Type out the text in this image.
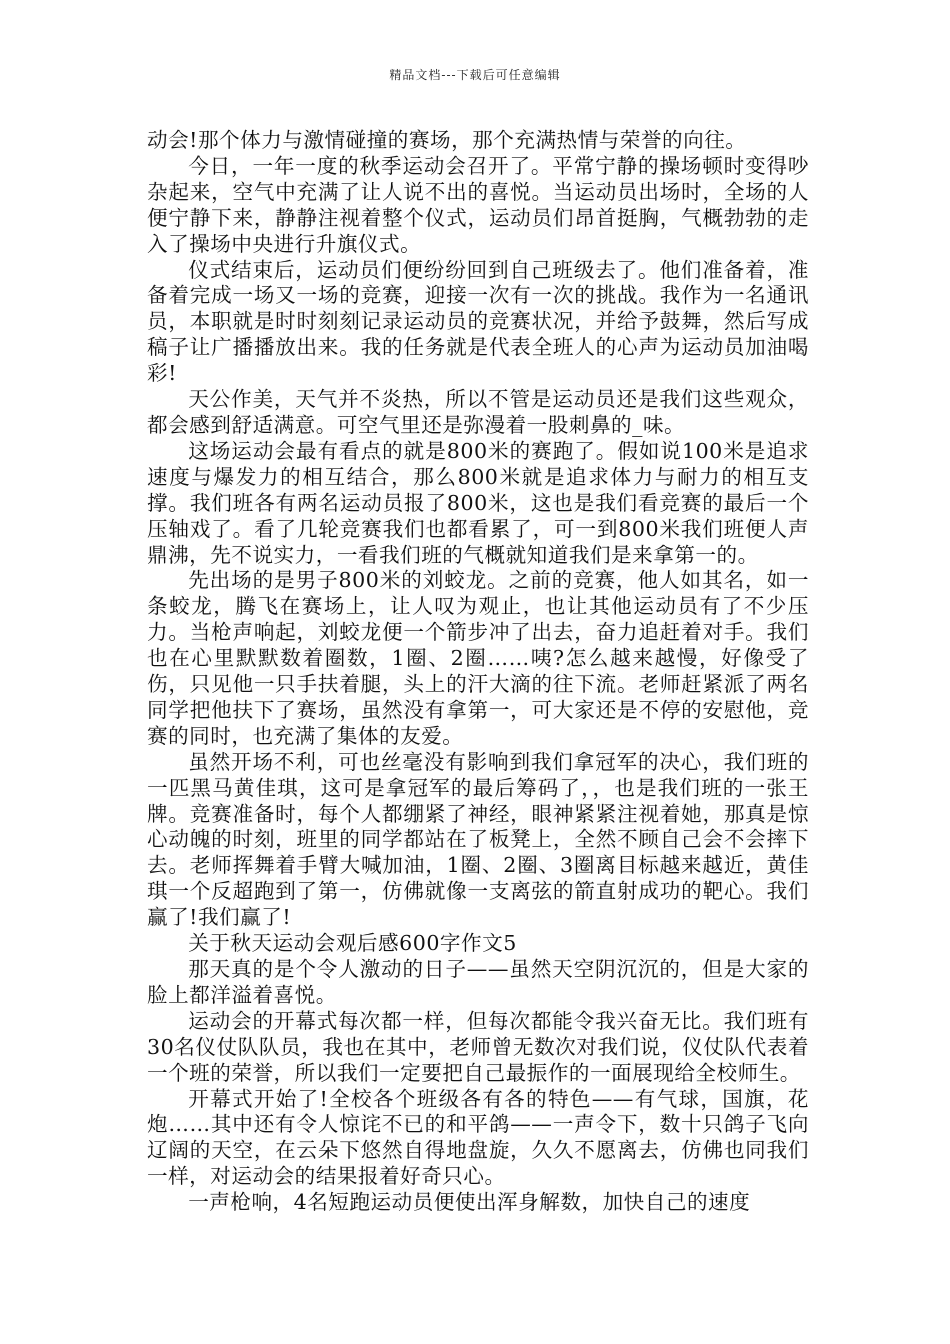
精品文档---下载后可任意编辑

动会!那个体力与激情碰撞的赛场，那个充满热情与荣誉的向往。

今日，一年一度的秋季运动会召开了。平常宁静的操场顿时变得吵杂起来，空气中充满了让人说不出的喜悦。当运动员出场时，全场的人便宁静下来，静静注视着整个仪式，运动员们昂首挺胸，气概勃勃的走入了操场中央进行升旗仪式。

仪式结束后，运动员们便纷纷回到自己班级去了。他们准备着，准备着完成一场又一场的竞赛，迎接一次有一次的挑战。我作为一名通讯员，本职就是时时刻刻记录运动员的竞赛状况，并给予鼓舞，然后写成稿子让广播播放出来。我的任务就是代表全班人的心声为运动员加油喝彩!

天公作美，天气并不炎热，所以不管是运动员还是我们这些观众，都会感到舒适满意。可空气里还是弥漫着一股刺鼻的_味。

这场运动会最有看点的就是800米的赛跑了。假如说100米是追求速度与爆发力的相互结合，那么800米就是追求体力与耐力的相互支撑。我们班各有两名运动员报了800米，这也是我们看竞赛的最后一个压轴戏了。看了几轮竞赛我们也都看累了，可一到800米我们班便人声鼎沸，先不说实力，一看我们班的气概就知道我们是来拿第一的。

先出场的是男子800米的刘蛟龙。之前的竞赛，他人如其名，如一条蛟龙，腾飞在赛场上，让人叹为观止，也让其他运动员有了不少压力。当枪声响起，刘蛟龙便一个箭步冲了出去，奋力追赶着对手。我们也在心里默默数着圈数，1圈、2圈……咦?怎么越来越慢，好像受了伤，只见他一只手扶着腿，头上的汗大滴的往下流。老师赶紧派了两名同学把他扶下了赛场，虽然没有拿第一，可大家还是不停的安慰他，竞赛的同时，也充满了集体的友爱。

虽然开场不利，可也丝毫没有影响到我们拿冠军的决心，我们班的一匹黑马黄佳琪，这可是拿冠军的最后筹码了，，也是我们班的一张王牌。竞赛准备时，每个人都绷紧了神经，眼神紧紧注视着她，那真是惊心动魄的时刻，班里的同学都站在了板凳上，全然不顾自己会不会摔下去。老师挥舞着手臂大喊加油，1圈、2圈、3圈离目标越来越近，黄佳琪一个反超跑到了第一，仿佛就像一支离弦的箭直射成功的靶心。我们赢了!我们赢了!

关于秋天运动会观后感600字作文5

那天真的是个令人激动的日子——虽然天空阴沉沉的，但是大家的脸上都洋溢着喜悦。

运动会的开幕式每次都一样，但每次都能令我兴奋无比。我们班有30名仪仗队队员，我也在其中，老师曾无数次对我们说，仪仗队代表着一个班的荣誉，所以我们一定要把自己最振作的一面展现给全校师生。

开幕式开始了!全校各个班级各有各的特色——有气球，国旗，花炮……其中还有令人惊诧不已的和平鸽——一声令下，数十只鸽子飞向辽阔的天空，在云朵下悠然自得地盘旋，久久不愿离去，仿佛也同我们一样，对运动会的结果报着好奇只心。

一声枪响，4名短跑运动员便使出浑身解数，加快自己的速度
